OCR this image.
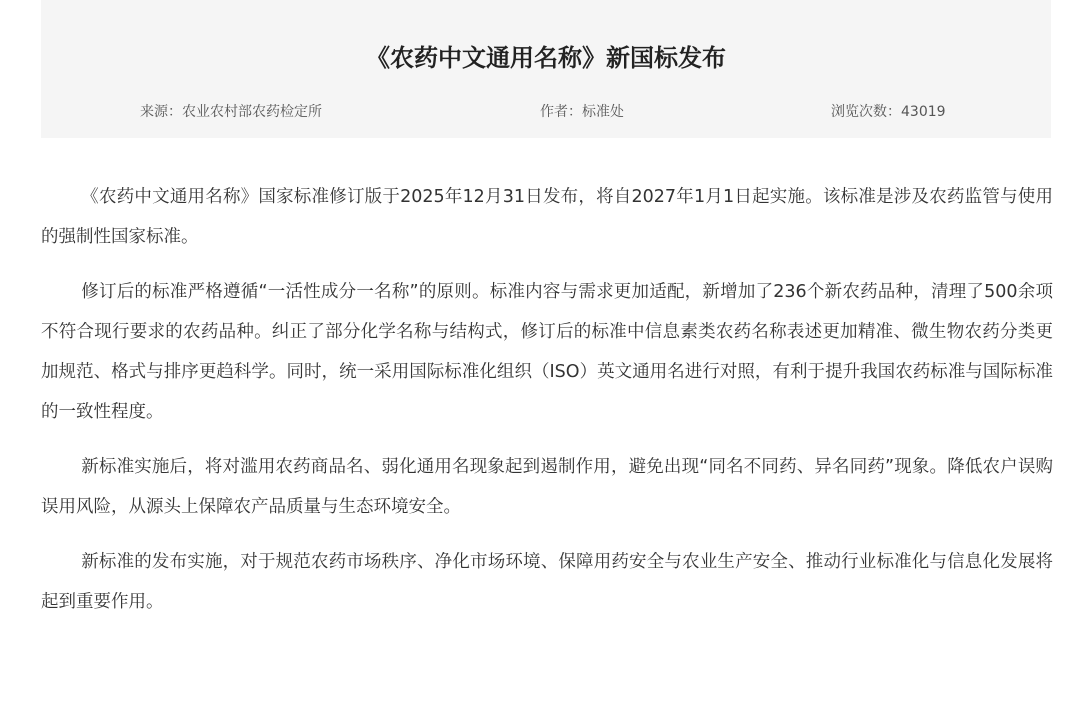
《农药中文通用名称》新国标发布
来源：农业农村部农药检定所	作者：标准处	浏览次数：43019

《农药中文通用名称》国家标准修订版于2025年12月31日发布，将自2027年1月1日起实施。该标准是涉及农药监管与使用的强制性国家标准。

修订后的标准严格遵循“一活性成分一名称”的原则。标准内容与需求更加适配，新增加了236个新农药品种，清理了500余项不符合现行要求的农药品种。纠正了部分化学名称与结构式，修订后的标准中信息素类农药名称表述更加精准、微生物农药分类更加规范、格式与排序更趋科学。同时，统一采用国际标准化组织（ISO）英文通用名进行对照，有利于提升我国农药标准与国际标准的一致性程度。

新标准实施后，将对滥用农药商品名、弱化通用名现象起到遏制作用，避免出现“同名不同药、异名同药”现象。降低农户误购误用风险，从源头上保障农产品质量与生态环境安全。

新标准的发布实施，对于规范农药市场秩序、净化市场环境、保障用药安全与农业生产安全、推动行业标准化与信息化发展将起到重要作用。
